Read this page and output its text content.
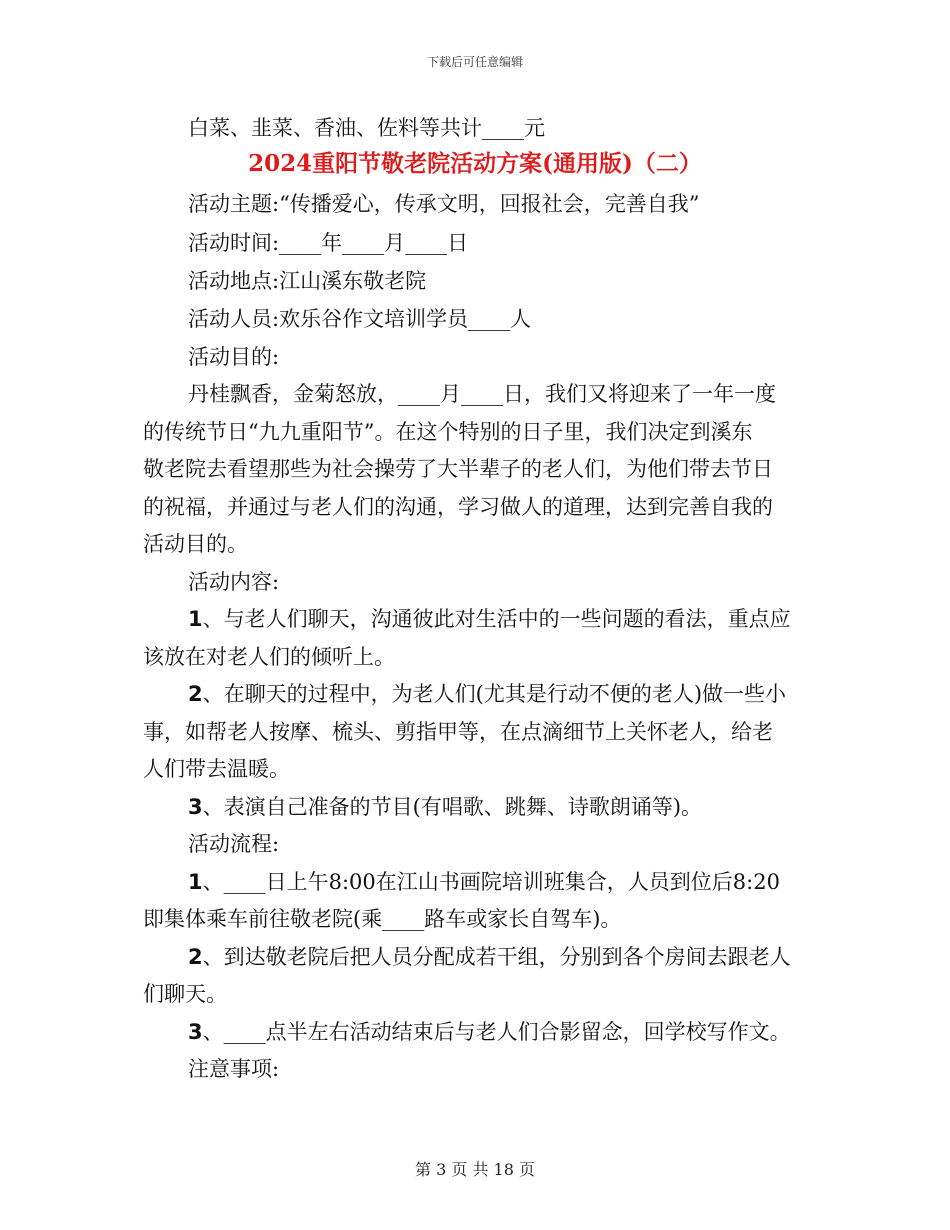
下载后可任意编辑
白菜、韭菜、香油、佐料等共计____元
2024重阳节敬老院活动方案(通用版)（二）
活动主题:“传播爱心，传承文明，回报社会，完善自我”
活动时间:____年____月____日
活动地点:江山溪东敬老院
活动人员:欢乐谷作文培训学员____人
活动目的:
丹桂飘香，金菊怒放，____月____日，我们又将迎来了一年一度
的传统节日“九九重阳节”。在这个特别的日子里，我们决定到溪东
敬老院去看望那些为社会操劳了大半辈子的老人们，为他们带去节日
的祝福，并通过与老人们的沟通，学习做人的道理，达到完善自我的
活动目的。
活动内容:
1、与老人们聊天，沟通彼此对生活中的一些问题的看法，重点应
该放在对老人们的倾听上。
2、在聊天的过程中，为老人们(尤其是行动不便的老人)做一些小
事，如帮老人按摩、梳头、剪指甲等，在点滴细节上关怀老人，给老
人们带去温暖。
3、表演自己准备的节目(有唱歌、跳舞、诗歌朗诵等)。
活动流程:
1、____日上午8:00在江山书画院培训班集合，人员到位后8:20
即集体乘车前往敬老院(乘____路车或家长自驾车)。
2、到达敬老院后把人员分配成若干组，分别到各个房间去跟老人
们聊天。
3、____点半左右活动结束后与老人们合影留念，回学校写作文。
注意事项:
第 3 页 共 18 页
